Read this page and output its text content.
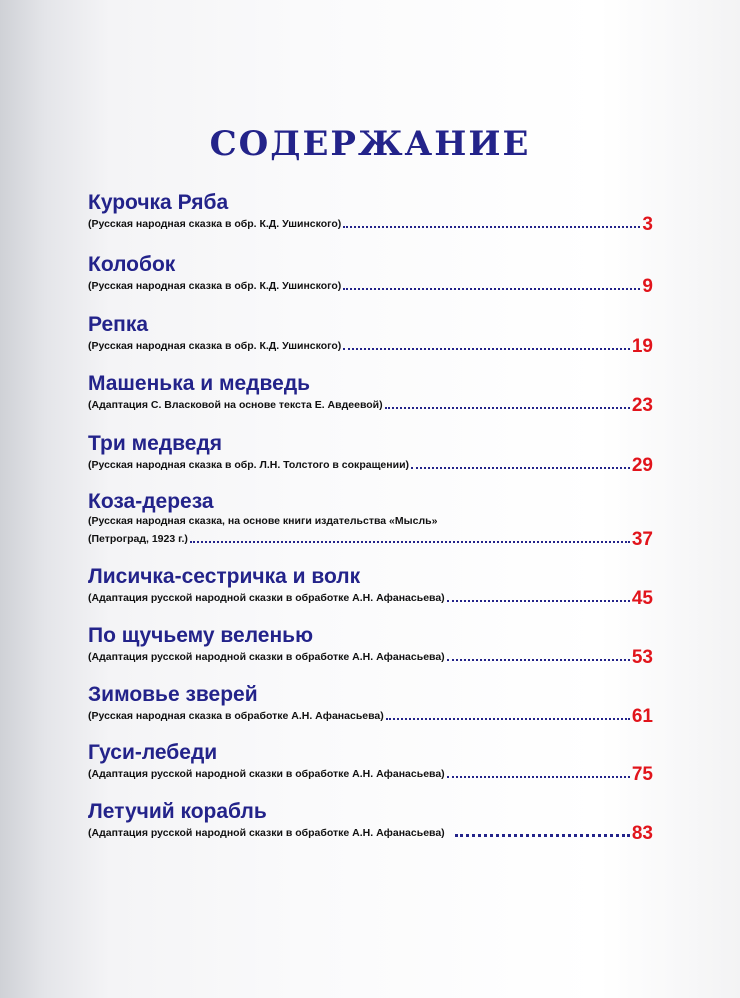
СОДЕРЖАНИЕ
Курочка Ряба
(Русская народная сказка в обр. К.Д. Ушинского)	3
Колобок
(Русская народная сказка в обр. К.Д. Ушинского)	9
Репка
(Русская народная сказка в обр. К.Д. Ушинского)	19
Машенька и медведь
(Адаптация С. Власковой на основе текста Е. Авдеевой)	23
Три медведя
(Русская народная сказка в обр. Л.Н. Толстого в сокращении)	29
Коза-дереза
(Русская народная сказка, на основе книги издательства «Мысль»
(Петроград, 1923 г.)	37
Лисичка-сестричка и волк
(Адаптация русской народной сказки в обработке А.Н. Афанасьева)	45
По щучьему веленью
(Адаптация русской народной сказки в обработке А.Н. Афанасьева)	53
Зимовье зверей
(Русская народная сказка в обработке А.Н. Афанасьева)	61
Гуси-лебеди
(Адаптация русской народной сказки в обработке А.Н. Афанасьева)	75
Летучий корабль
(Адаптация русской народной сказки в обработке А.Н. Афанасьева)	83
